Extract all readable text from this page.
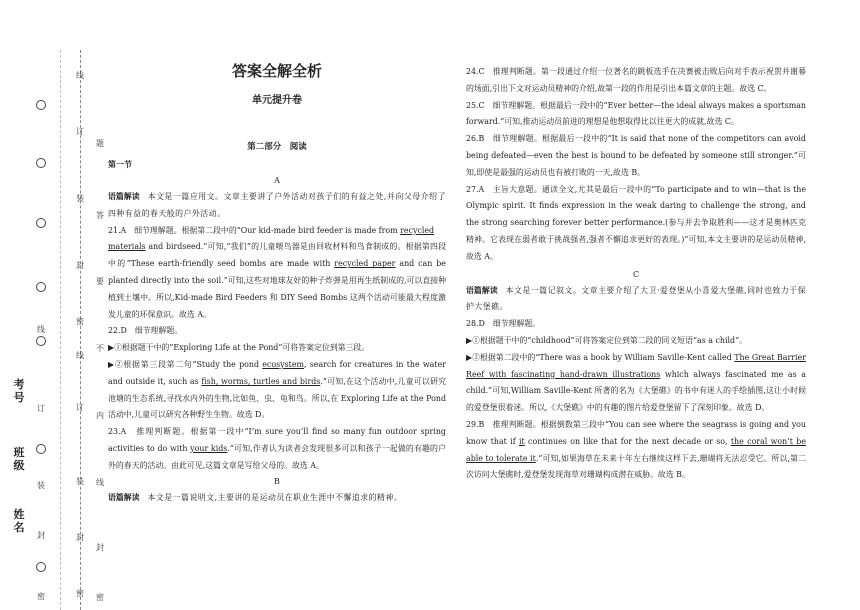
线
订
装
封
密
线
订
装
封
密
题
答
要
不
内
线
封
密
线
订
装
封
密
考号
班级
姓名
答案全解全析
单元提升卷
第二部分　阅读
第一节
A

语篇解读　 本文是一篇应用文。文章主要讲了户外活动对孩子们的有益之处,并向父母介绍了四种有益的春天般的户外活动。

21.A　细节理解题。根据第二段中的“Our kid-made bird feeder is made from recycled
materials and birdseed.”可知,“我们”的儿童喂鸟器是由回收材料和鸟食制成的。根据第四段中的“These earth-friendly seed bombs are made with recycled paper and can be planted directly into the soil.”可知,这些对地球友好的种子炸弹是用再生纸制成的,可以直接种植到土壤中。所以,Kid-made Bird Feeders 和 DIY Seed Bombs 这两个活动可能最大程度激发儿童的环保意识。故选 A。

22.D　细节理解题。

▶①根据题干中的“Exploring Life at the Pond”可将答案定位到第三段。

▶②根据第三段第二句“Study the pond ecosystem, search for creatures in the water and outside it, such as fish, worms, turtles and birds.”可知,在这个活动中,儿童可以研究池塘的生态系统,寻找水内外的生物,比如鱼、虫、龟和鸟。所以,在 Exploring Life at the Pond 活动中,儿童可以研究各种野生生物。故选 D。

23.A　推理判断题。根据第一段中“I’m sure you’ll find so many fun outdoor spring activities to do with your kids.”可知,作者认为读者会发现很多可以和孩子一起做的有趣的户外的春天的活动。由此可见,这篇文章是写给父母的。故选 A。

B

语篇解读　 本文是一篇说明文,主要讲的是运动员在职业生涯中不懈追求的精神。

24.C　推理判断题。第一段通过介绍一位著名的跳板选手在决赛被击败后向对手表示祝贺并谢幕的场面,引出下文对运动员精神的介绍,故第一段的作用是引出本篇文章的主题。故选 C。

25.C　细节理解题。根据最后一段中的“Ever better—the ideal always makes a sportsman forward.”可知,推动运动员前进的理想是他想取得比以往更大的成就,故选 C。

26.B　细节理解题。根据最后一段中的“It is said that none of the competitors can avoid being defeated—even the best is bound to be defeated by someone still stronger.”可知,即使是最强的运动员也有被打败的一天,故选 B。

27.A　主旨大意题。通读全文,尤其是最后一段中的“To participate and to win—that is the Olympic spirit. It finds expression in the weak daring to challenge the strong, and the strong searching forever better performance.(参与并去争取胜利——这才是奥林匹克精神。它表现在弱者敢于挑战强者,强者不懈追求更好的表现。)”可知,本文主要讲的是运动员精神,故选 A。

C

语篇解读　 本文是一篇记叙文。文章主要介绍了大卫·爱登堡从小喜爱大堡礁,同时也致力于保护大堡礁。

28.D　细节理解题。

▶①根据题干中的“childhood”可将答案定位到第二段的同义短语“as a child”。

▶②根据第二段中的“There was a book by William Saville-Kent called The Great Barrier Reef with fascinating hand-drawn illustrations which always fascinated me as a child.”可知,William Saville-Kent 所著的名为《大堡礁》的书中有迷人的手绘插图,这让小时候的爱登堡很着迷。所以,《大堡礁》中的有趣的图片给爱登堡留下了深刻印象。故选 D。

29.B　推理判断题。根据倒数第三段中“You can see where the seagrass is going and you know that if it continues on like that for the next decade or so, the coral won’t be able to tolerate it.”可知,如果海草在未来十年左右继续这样下去,珊瑚将无法忍受它。所以,第二次访问大堡礁时,爱登堡发现海草对珊瑚构成潜在威胁。故选 B。
